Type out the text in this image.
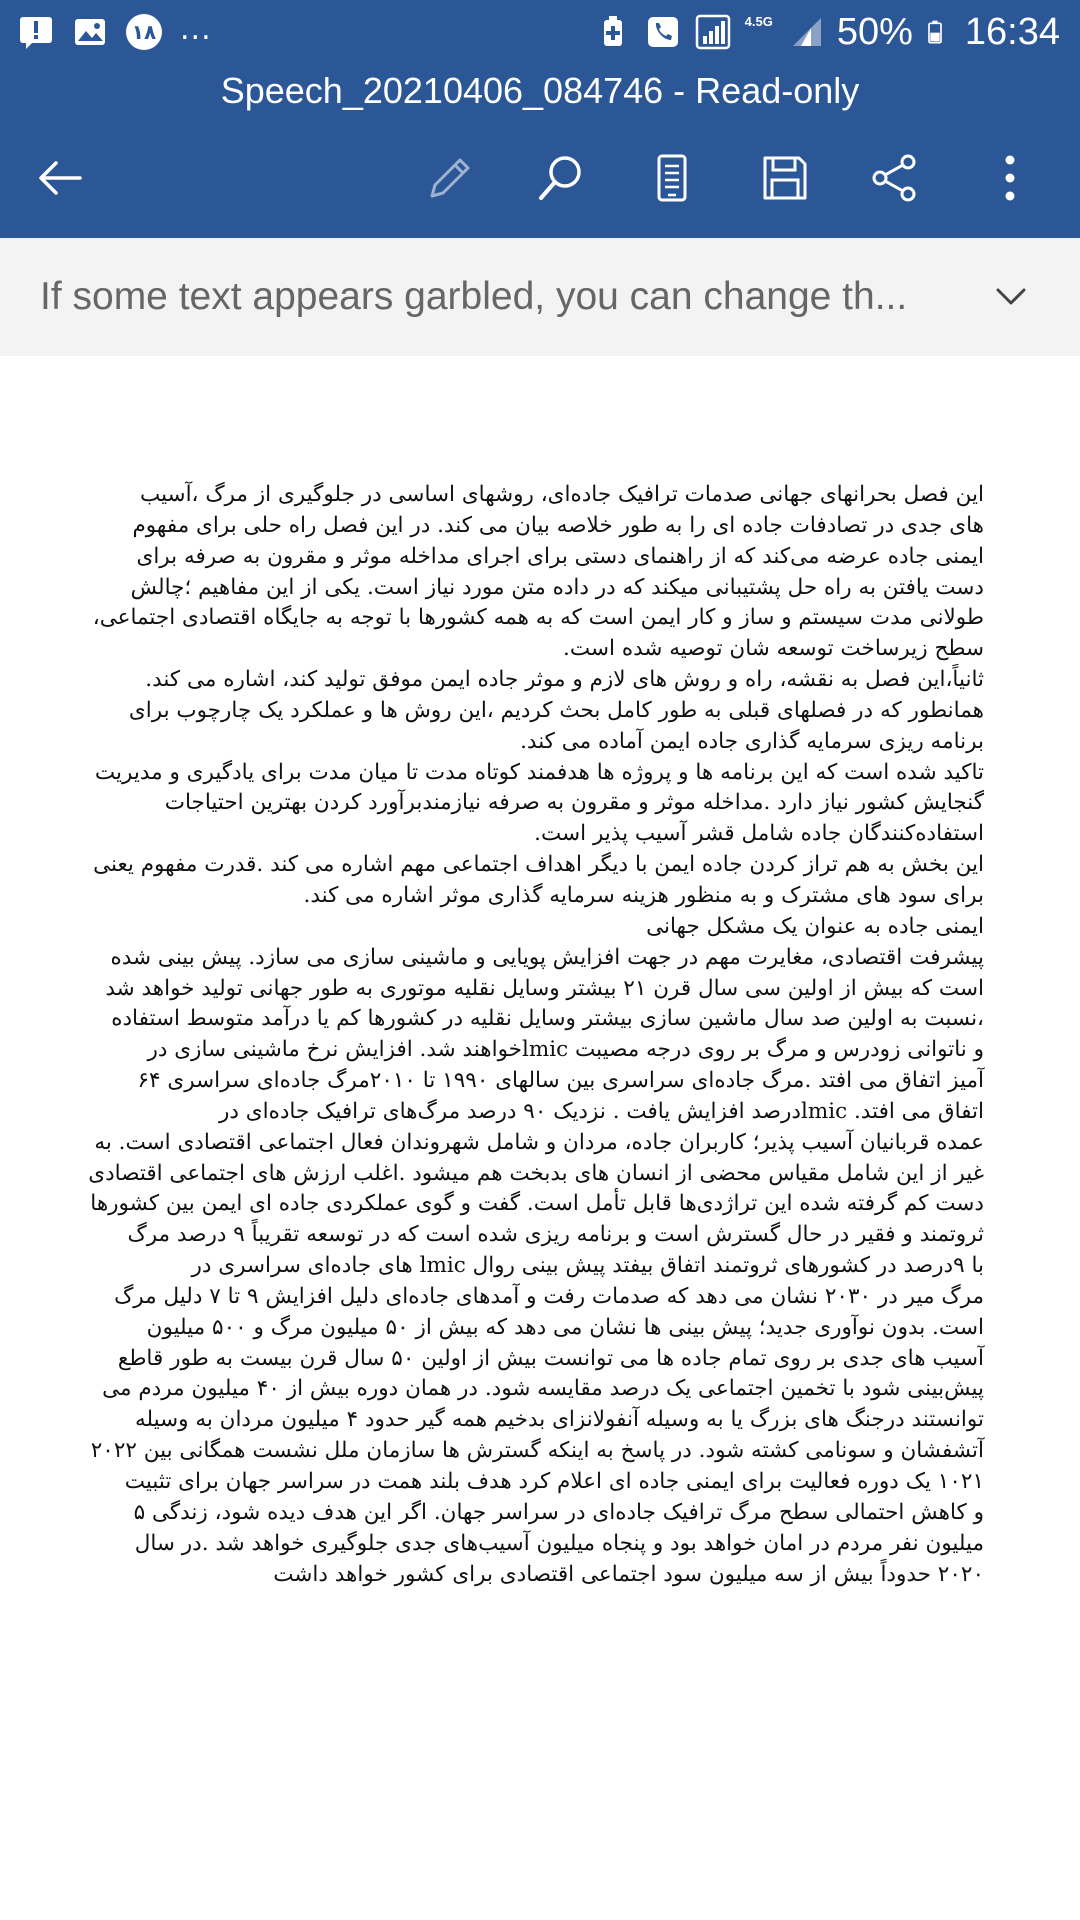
۱۸ ...	4.5G 50% 16:34
Speech_20210406_084746 - Read-only
If some text appears garbled, you can change th...
این فصل بحرانهای جهانی صدمات ترافیک جاده‌ای، روشهای اساسی در جلوگیری از مرگ ،آسیب
های جدی در تصادفات جاده ای را به طور خلاصه بیان می کند. در این فصل راه حلی برای مفهوم
ایمنی جاده عرضه می‌کند که از راهنمای دستی برای اجرای مداخله موثر و مقرون به صرفه برای
دست یافتن به راه حل پشتیبانی میکند که در داده متن مورد نیاز است. یکی از این مفاهیم ؛چالش
طولانی مدت سیستم و ساز و کار ایمن است که به همه کشورها با توجه به جایگاه اقتصادی اجتماعی،
سطح زیرساخت توسعه شان توصیه شده است.
ثانیاً،این فصل به نقشه، راه و روش های لازم و موثر جاده ایمن موفق تولید کند، اشاره می کند.
همانطور که در فصلهای قبلی به طور کامل بحث کردیم ،این روش ها و عملکرد یک چارچوب برای
برنامه ریزی سرمایه گذاری جاده ایمن آماده می کند.
تاکید شده است که این برنامه ها و پروژه ها هدفمند کوتاه مدت تا میان مدت برای یادگیری و مدیریت
گنجایش کشور نیاز دارد .مداخله موثر و مقرون به صرفه نیازمندبرآورد کردن بهترین احتیاجات
استفاده‌کنندگان جاده شامل قشر آسیب پذیر است.
این بخش به هم تراز کردن جاده ایمن با دیگر اهداف اجتماعی مهم اشاره می کند .قدرت مفهوم یعنی
برای سود های مشترک و به منظور هزینه سرمایه گذاری موثر اشاره می کند.
ایمنی جاده به عنوان یک مشکل جهانی
پیشرفت اقتصادی، مغایرت مهم در جهت افزایش پویایی و ماشینی سازی می سازد. پیش بینی شده
است که بیش از اولین سی سال قرن ۲۱ بیشتر وسایل نقلیه موتوری به طور جهانی تولید خواهد شد
،نسبت به اولین صد سال ماشین سازی بیشتر وسایل نقلیه در کشورها کم یا درآمد متوسط استفاده
و ناتوانی زودرس و مرگ بر روی درجه مصیبت lmicخواهند شد. افزایش نرخ ماشینی سازی در
آمیز اتفاق می افتد .مرگ جاده‌ای سراسری بین سالهای ۱۹۹۰ تا ۲۰۱۰مرگ جاده‌ای سراسری ۶۴
اتفاق می افتد. lmicدرصد افزایش یافت . نزدیک ۹۰ درصد مرگ‌های ترافیک جاده‌ای در
عمده قربانیان آسیب پذیر؛ کاربران جاده، مردان و شامل شهروندان فعال اجتماعی اقتصادی است. به
غیر از این شامل مقیاس محضی از انسان های بدبخت هم میشود .اغلب ارزش های اجتماعی اقتصادی
دست کم گرفته شده این تراژدی‌ها قابل تأمل است. گفت و گوی عملکردی جاده ای ایمن بین کشورها
ثروتمند و فقیر در حال گسترش است و برنامه ریزی شده است که در توسعه تقریباً ۹ درصد مرگ
با ۹درصد در کشورهای ثروتمند اتفاق بیفتد پیش بینی روال lmic های جاده‌ای سراسری در
مرگ میر در ۲۰۳۰ نشان می دهد که صدمات رفت و آمدهای جاده‌ای دلیل افزایش ۹ تا ۷ دلیل مرگ
است. بدون نوآوری جدید؛ پیش بینی ها نشان می دهد که بیش از ۵۰ میلیون مرگ و ۵۰۰ میلیون
آسیب های جدی بر روی تمام جاده ها می توانست بیش از اولین ۵۰ سال قرن بیست به طور قاطع
پیش‌بینی شود با تخمین اجتماعی یک درصد مقایسه شود. در همان دوره بیش از ۴۰ میلیون مردم می
توانستند درجنگ های بزرگ یا به وسیله آنفولانزای بدخیم همه گیر حدود ۴ میلیون مردان به وسیله
آتشفشان و سونامی کشته شود. در پاسخ به اینکه گسترش ها سازمان ملل نشست همگانی بین ۲۰۲۲
۱۰۲۱ یک دوره فعالیت برای ایمنی جاده ای اعلام کرد هدف بلند همت در سراسر جهان برای تثبیت
و کاهش احتمالی سطح مرگ ترافیک جاده‌ای در سراسر جهان. اگر این هدف دیده شود، زندگی ۵
میلیون نفر مردم در امان خواهد بود و پنجاه میلیون آسیب‌های جدی جلوگیری خواهد شد .در سال
۲۰۲۰ حدوداً بیش از سه میلیون سود اجتماعی اقتصادی برای کشور خواهد داشت
